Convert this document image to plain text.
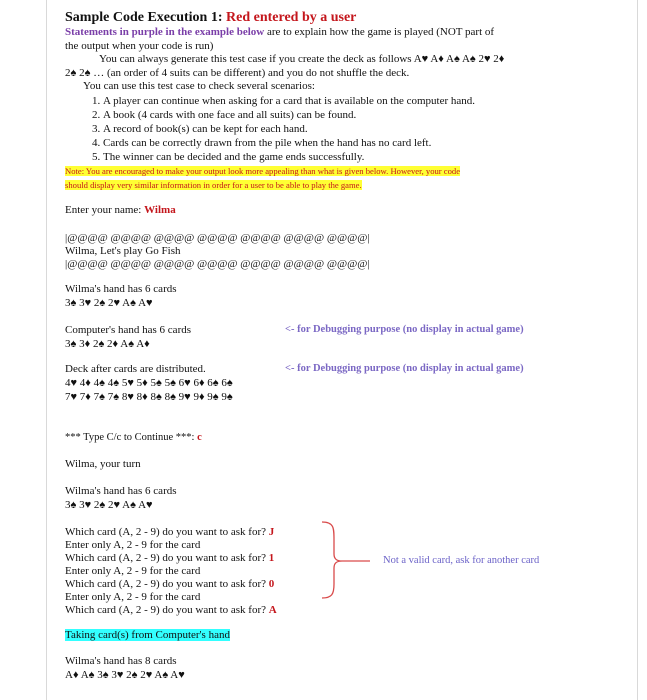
Sample Code Execution 1: Red entered by a user

Statements in purple in the example below are to explain how the game is played (NOT part of

the output when your code is run)

You can always generate this test case if you create the deck as follows A♥ A♦ A♠ A♠ 2♥ 2♦

2♠ 2♠ … (an order of 4 suits can be different) and you do not shuffle the deck.

You can use this test case to check several scenarios:

1. A player can continue when asking for a card that is available on the computer hand.
2. A book (4 cards with one face and all suits) can be found.
3. A record of book(s) can be kept for each hand.
4. Cards can be correctly drawn from the pile when the hand has no card left.
5. The winner can be decided and the game ends successfully.
Note: You are encouraged to make your output look more appealing than what is given below. However, your code
should display very similar information in order for a user to be able to play the game.
Enter your name: Wilma
|@@@@ @@@@ @@@@ @@@@ @@@@ @@@@ @@@@|
Wilma, Let's play Go Fish
|@@@@ @@@@ @@@@ @@@@ @@@@ @@@@ @@@@|
Wilma's hand has 6 cards
3♠ 3♥ 2♠ 2♥ A♠ A♥
Computer's hand has 6 cards
3♠ 3♦ 2♠ 2♦ A♠ A♦
<- for Debugging purpose (no display in actual game)
Deck after cards are distributed.
4♥ 4♦ 4♠ 4♠ 5♥ 5♦ 5♠ 5♠ 6♥ 6♦ 6♠ 6♠
7♥ 7♦ 7♠ 7♠ 8♥ 8♦ 8♠ 8♠ 9♥ 9♦ 9♠ 9♠
<- for Debugging purpose (no display in actual game)
*** Type C/c to Continue ***: c
Wilma, your turn
Wilma's hand has 6 cards
3♠ 3♥ 2♠ 2♥ A♠ A♥
Which card (A, 2 - 9) do you want to ask for? J
Enter only A, 2 - 9 for the card
Which card (A, 2 - 9) do you want to ask for? 1
Enter only A, 2 - 9 for the card
Which card (A, 2 - 9) do you want to ask for? 0
Enter only A, 2 - 9 for the card
Which card (A, 2 - 9) do you want to ask for? A
Not a valid card, ask for another card
Taking card(s) from Computer's hand
Wilma's hand has 8 cards
A♦ A♠ 3♠ 3♥ 2♠ 2♥ A♠ A♥
